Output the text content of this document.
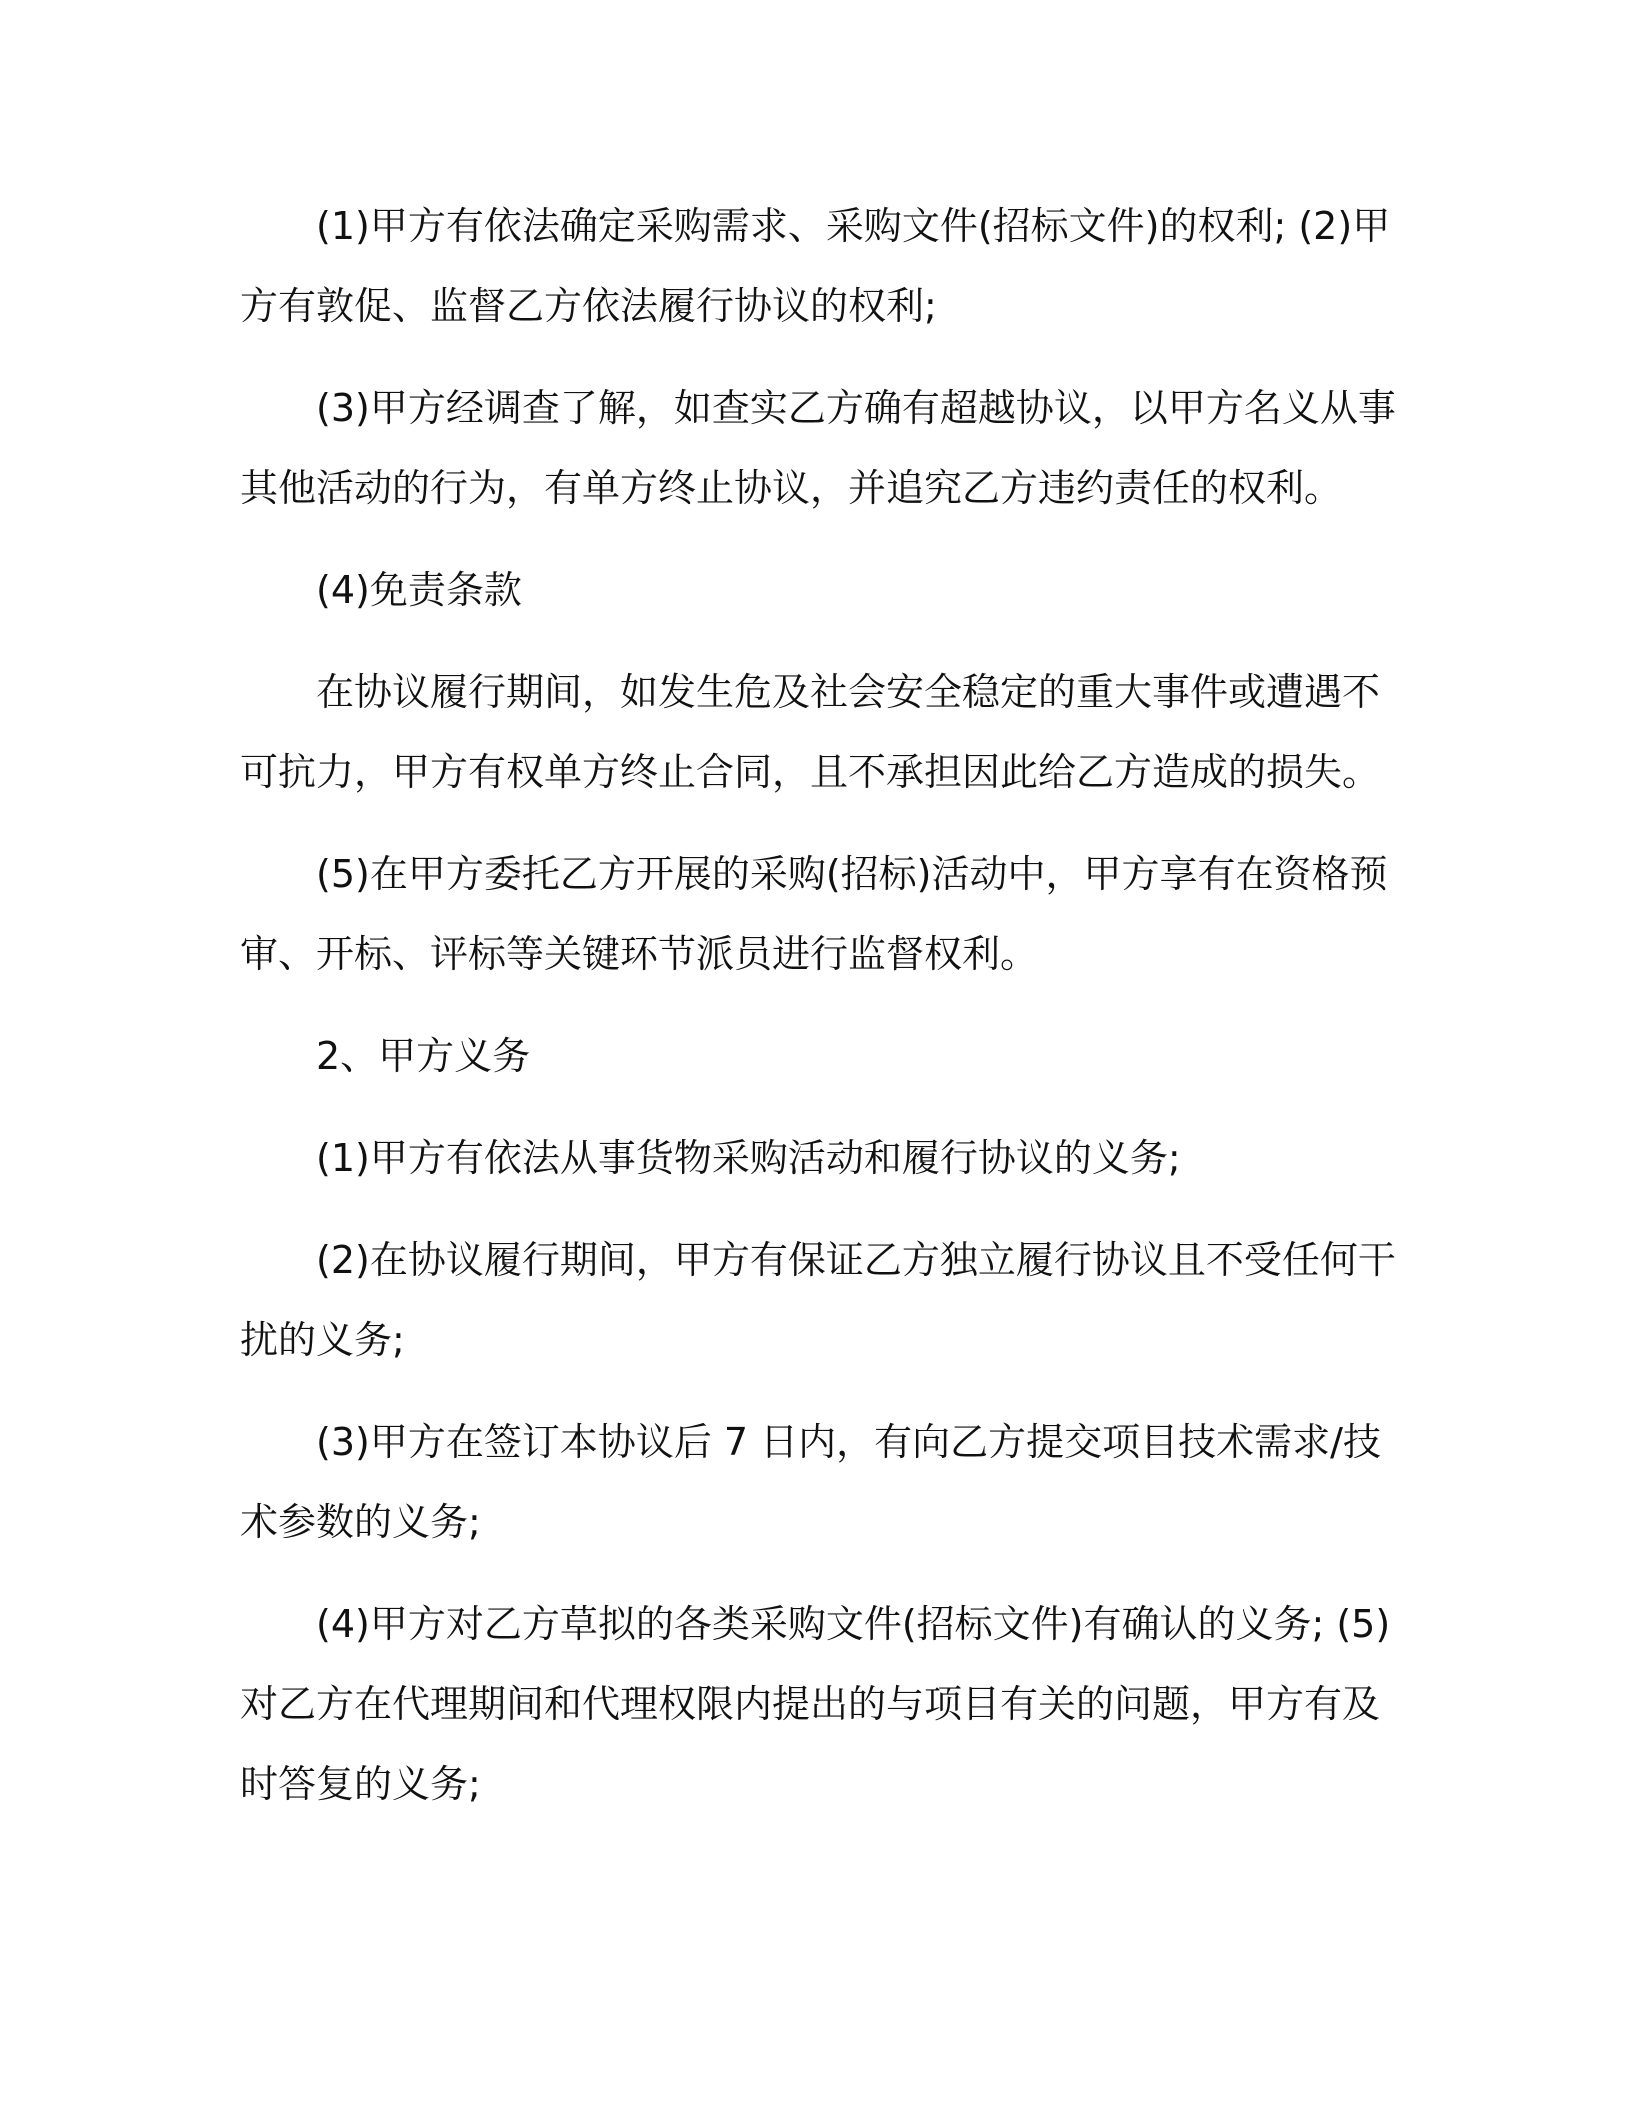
(1)甲方有依法确定采购需求、采购文件(招标文件)的权利; (2)甲方有敦促、监督乙方依法履行协议的权利;

(3)甲方经调查了解，如查实乙方确有超越协议，以甲方名义从事其他活动的行为，有单方终止协议，并追究乙方违约责任的权利。

(4)免责条款

在协议履行期间，如发生危及社会安全稳定的重大事件或遭遇不可抗力，甲方有权单方终止合同，且不承担因此给乙方造成的损失。

(5)在甲方委托乙方开展的采购(招标)活动中，甲方享有在资格预审、开标、评标等关键环节派员进行监督权利。

2、甲方义务

(1)甲方有依法从事货物采购活动和履行协议的义务;

(2)在协议履行期间，甲方有保证乙方独立履行协议且不受任何干扰的义务;

(3)甲方在签订本协议后 7 日内，有向乙方提交项目技术需求/技术参数的义务;

(4)甲方对乙方草拟的各类采购文件(招标文件)有确认的义务; (5)对乙方在代理期间和代理权限内提出的与项目有关的问题，甲方有及时答复的义务;
